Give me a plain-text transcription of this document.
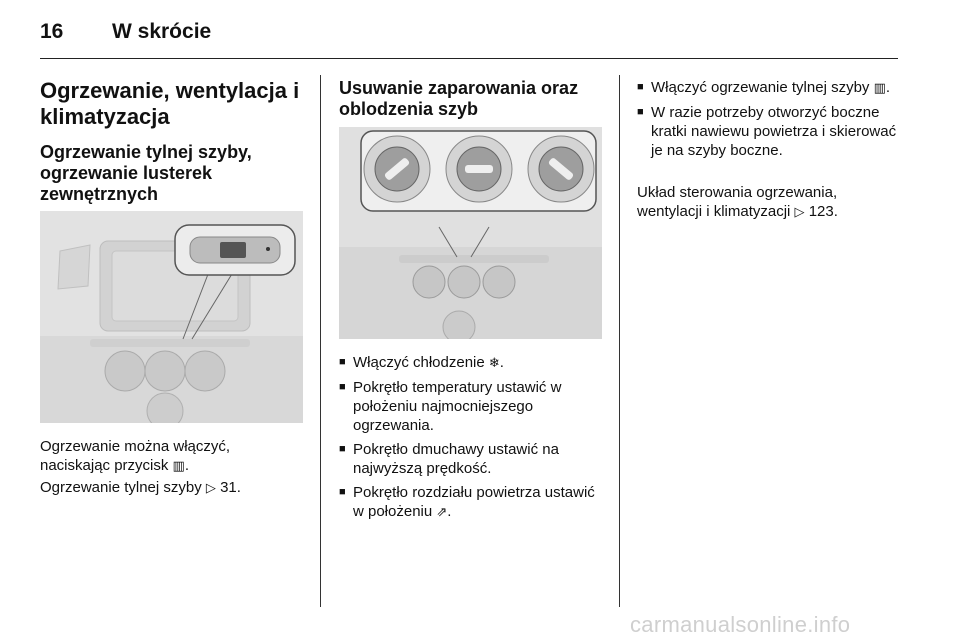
16 W skrócie
Ogrzewanie, wentylacja i klimatyzacja
Ogrzewanie tylnej szyby, ogrzewanie lusterek zewnętrznych
Ogrzewanie można włączyć, naciskając przycisk ▥.
Ogrzewanie tylnej szyby ▷ 31.
Usuwanie zaparowania oraz oblodzenia szyb
■ Włączyć chłodzenie ❄.
■ Pokrętło temperatury ustawić w położeniu najmocniejszego ogrzewania.
■ Pokrętło dmuchawy ustawić na najwyższą prędkość.
■ Pokrętło rozdziału powietrza ustawić w położeniu ⇗.
■ Włączyć ogrzewanie tylnej szyby ▥.
■ W razie potrzeby otworzyć boczne kratki nawiewu powietrza i skierować je na szyby boczne.
Układ sterowania ogrzewania, wentylacji i klimatyzacji ▷ 123.
carmanualsonline.info
